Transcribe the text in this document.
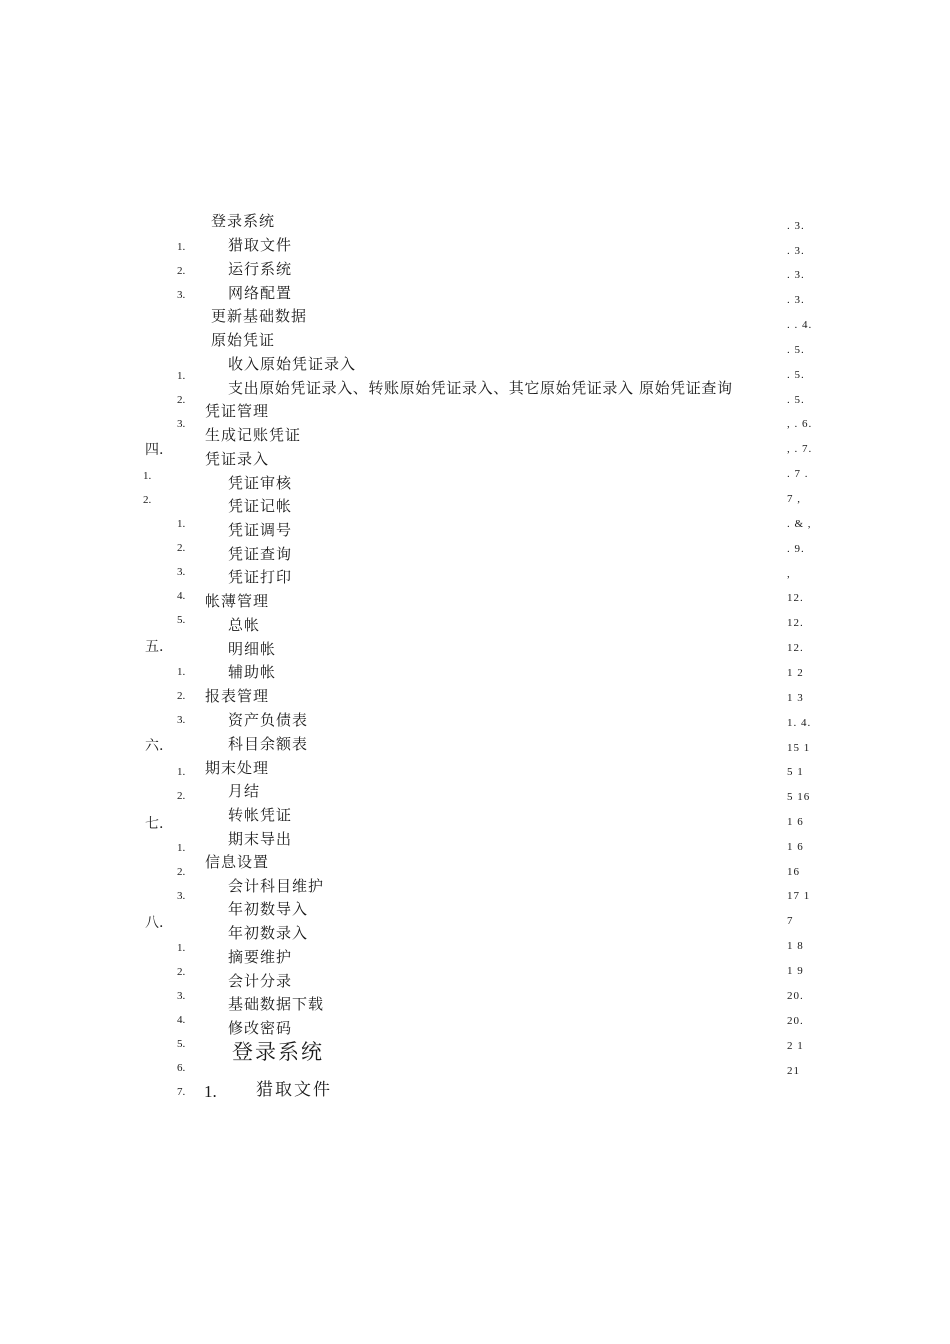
登录系统
猎取文件
运行系统
网络配置
更新基础数据
原始凭证
收入原始凭证录入
支出原始凭证录入、转账原始凭证录入、其它原始凭证录入 原始凭证查询
凭证管理
生成记账凭证
凭证录入
凭证审核
凭证记帐
凭证调号
凭证查询
凭证打印
帐薄管理
总帐
明细帐
辅助帐
报表管理
资产负债表
科目余额表
期末处理
月结
转帐凭证
期末导出
信息设置
会计科目维护
年初数导入
年初数录入
摘要维护
会计分录
基础数据下载
修改密码
四.
五.
六.
七.
八.
1.
2.
3.
1.
2.
3.
1.
2.
1.
2.
3.
4.
5.
1.
2.
3.
1.
2.
1.
2.
3.
1.
2.
3.
4.
5.
6.
7.
. 3.
. 3.
. 3.
. 3.
. . 4.
. 5.
. 5.
. 5.
, . 6.
, . 7.
. 7 .
7 ,
. & ,
. 9.
,
12.
12.
12.
1 2
1 3
1. 4.
15 1
5 1
5 16
1 6
1 6
16
17 1
7
1 8
1 9
20.
20.
2 1
21
登录系统
1. 猎取文件
